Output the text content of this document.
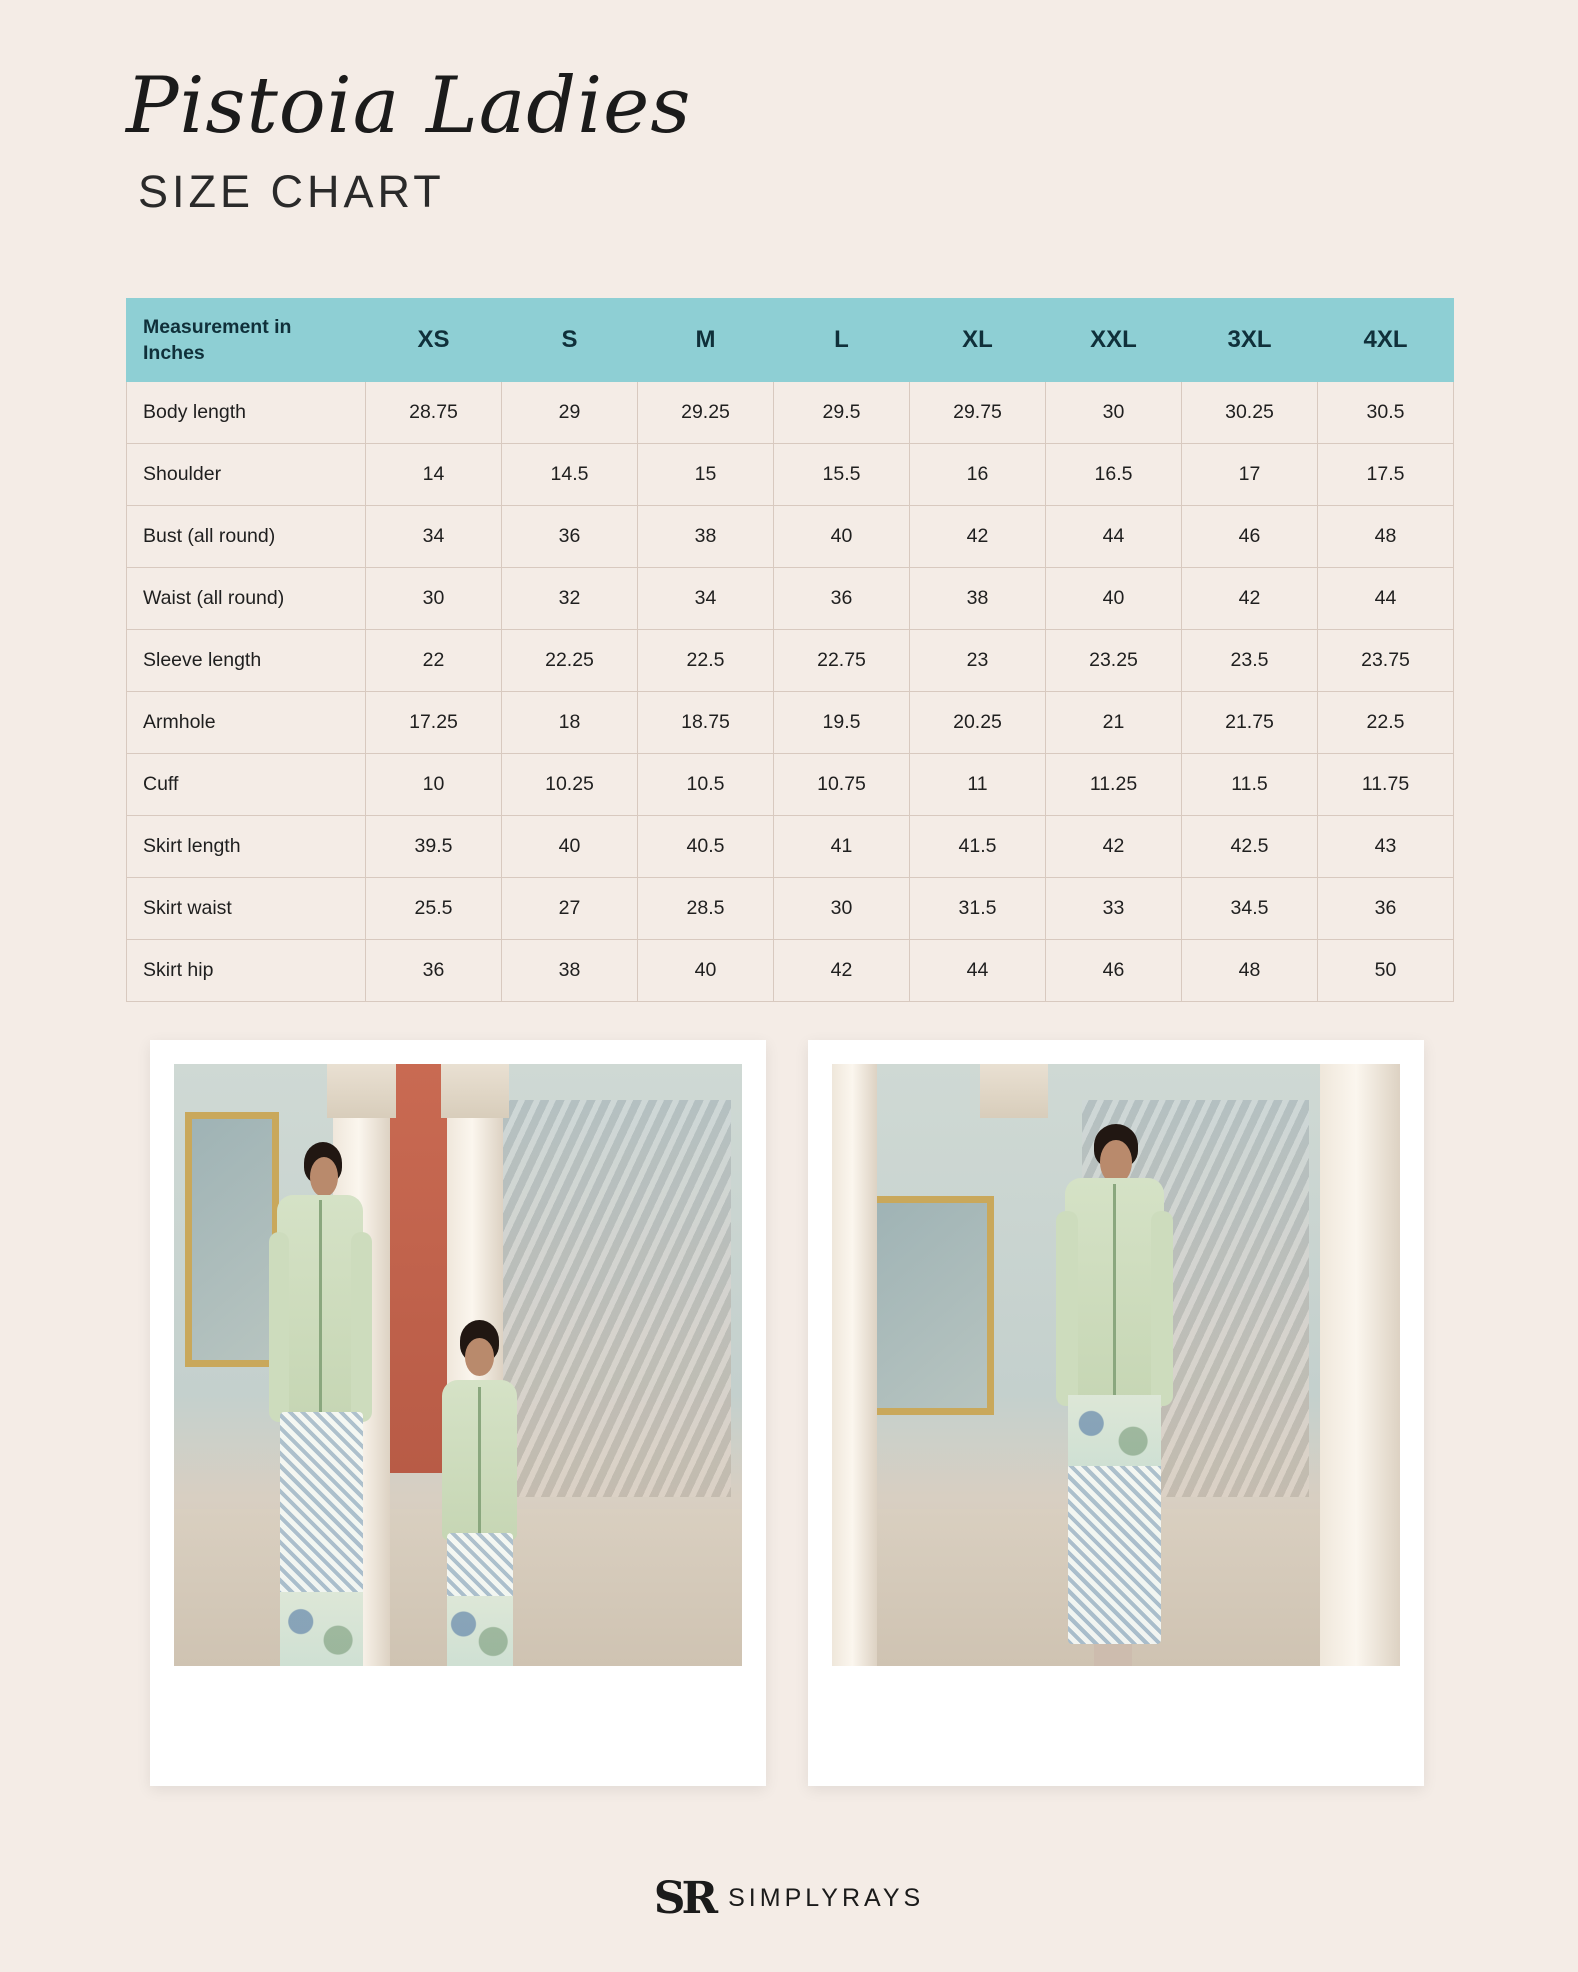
Pistoia Ladies
SIZE CHART
Measurement in Inches	XS	S	M	L	XL	XXL	3XL	4XL
Body length	28.75	29	29.25	29.5	29.75	30	30.25	30.5
Shoulder	14	14.5	15	15.5	16	16.5	17	17.5
Bust (all round)	34	36	38	40	42	44	46	48
Waist (all round)	30	32	34	36	38	40	42	44
Sleeve length	22	22.25	22.5	22.75	23	23.25	23.5	23.75
Armhole	17.25	18	18.75	19.5	20.25	21	21.75	22.5
Cuff	10	10.25	10.5	10.75	11	11.25	11.5	11.75
Skirt length	39.5	40	40.5	41	41.5	42	42.5	43
Skirt waist	25.5	27	28.5	30	31.5	33	34.5	36
Skirt hip	36	38	40	42	44	46	48	50
SR SIMPLYRAYS
